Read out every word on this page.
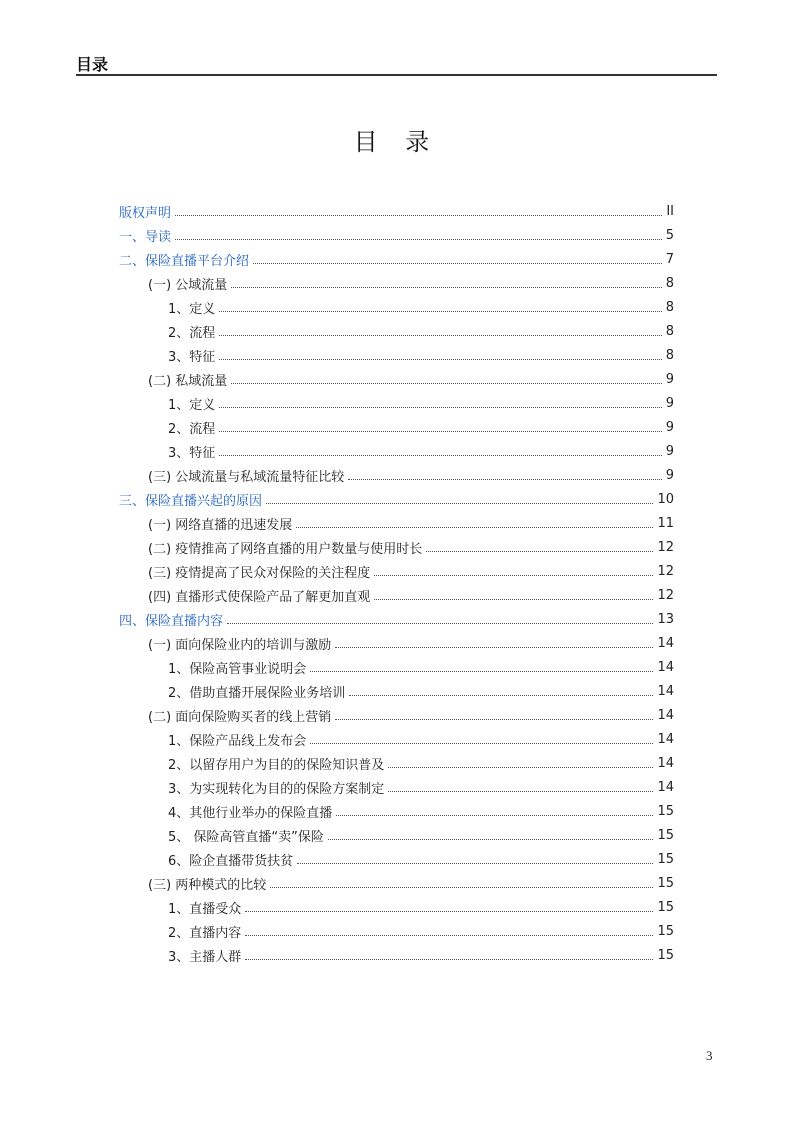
目录
目 录
版权声明	II
一、导读	5
二、保险直播平台介绍	7
(一) 公域流量	8
1、定义	8
2、流程	8
3、特征	8
(二) 私域流量	9
1、定义	9
2、流程	9
3、特征	9
(三) 公域流量与私域流量特征比较	9
三、保险直播兴起的原因	10
(一) 网络直播的迅速发展	11
(二) 疫情推高了网络直播的用户数量与使用时长	12
(三) 疫情提高了民众对保险的关注程度	12
(四) 直播形式使保险产品了解更加直观	12
四、保险直播内容	13
(一) 面向保险业内的培训与激励	14
1、保险高管事业说明会	14
2、借助直播开展保险业务培训	14
(二) 面向保险购买者的线上营销	14
1、保险产品线上发布会	14
2、以留存用户为目的的保险知识普及	14
3、为实现转化为目的的保险方案制定	14
4、其他行业举办的保险直播	15
5、 保险高管直播“卖”保险	15
6、险企直播带货扶贫	15
(三) 两种模式的比较	15
1、直播受众	15
2、直播内容	15
3、主播人群	15
3
